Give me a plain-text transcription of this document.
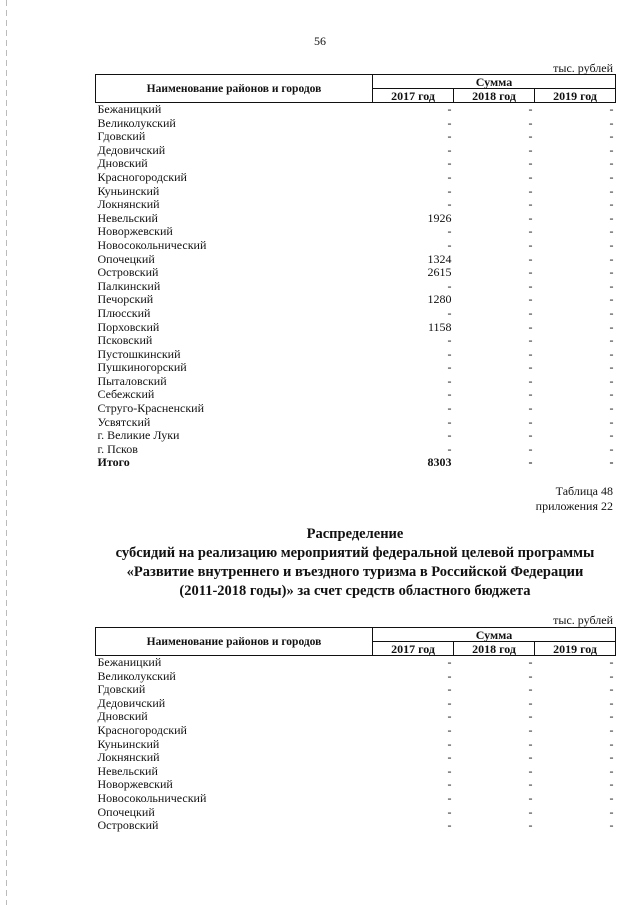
56
тыс. рублей
Наименование районов и городов	Сумма		
	2017 год	2018 год	2019 год
Бежаницкий	-	-	-
Великолукский	-	-	-
Гдовский	-	-	-
Дедовичский	-	-	-
Дновский	-	-	-
Красногородский	-	-	-
Куньинский	-	-	-
Локнянский	-	-	-
Невельский	1926	-	-
Новоржевский	-	-	-
Новосокольнический	-	-	-
Опочецкий	1324	-	-
Островский	2615	-	-
Палкинский	-	-	-
Печорский	1280	-	-
Плюсский	-	-	-
Порховский	1158	-	-
Псковский	-	-	-
Пустошкинский	-	-	-
Пушкиногорский	-	-	-
Пыталовский	-	-	-
Себежский	-	-	-
Струго-Красненский	-	-	-
Усвятский	-	-	-
г. Великие Луки	-	-	-
г. Псков	-	-	-
Итого	8303	-	-
Таблица 48
приложения 22
Распределение
субсидий на реализацию мероприятий федеральной целевой программы
«Развитие внутреннего и въездного туризма в Российской Федерации
(2011-2018 годы)» за счет средств областного бюджета
тыс. рублей
Наименование районов и городов	Сумма		
	2017 год	2018 год	2019 год
Бежаницкий	-	-	-
Великолукский	-	-	-
Гдовский	-	-	-
Дедовичский	-	-	-
Дновский	-	-	-
Красногородский	-	-	-
Куньинский	-	-	-
Локнянский	-	-	-
Невельский	-	-	-
Новоржевский	-	-	-
Новосокольнический	-	-	-
Опочецкий	-	-	-
Островский	-	-	-
